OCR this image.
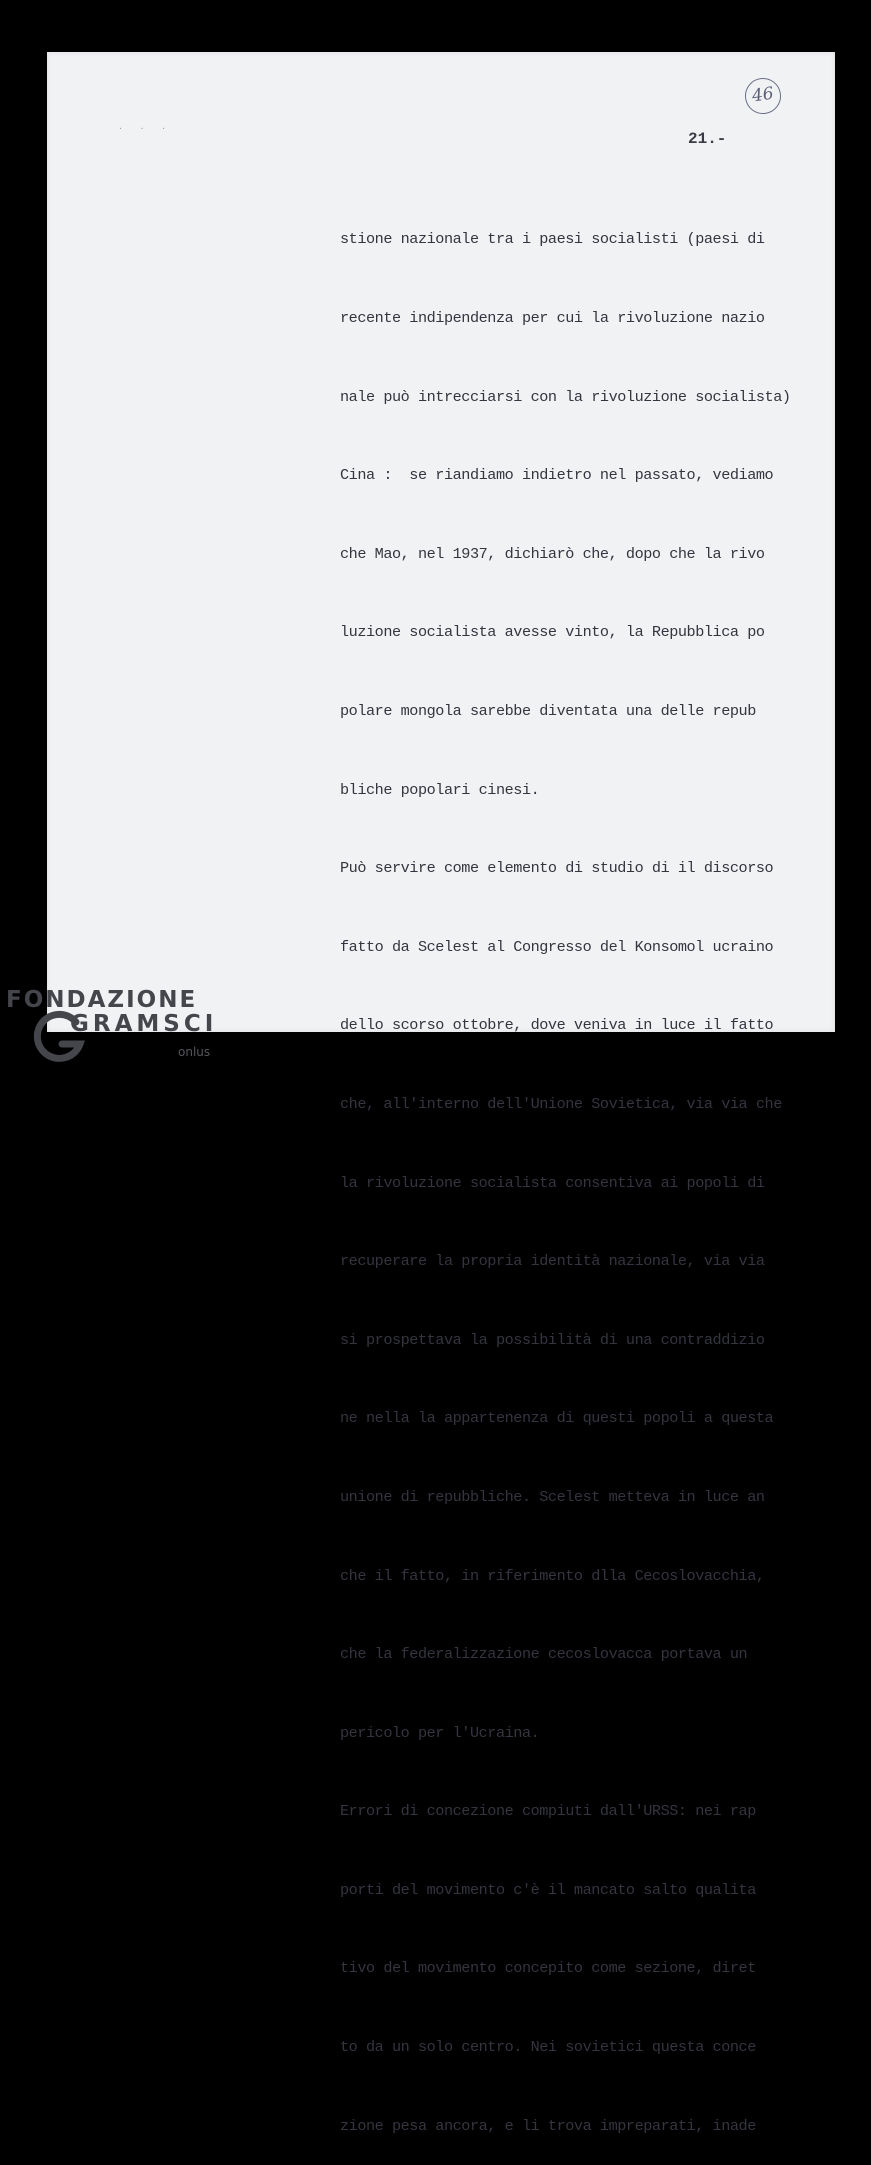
· · ·
46
21.-

stione nazionale tra i paesi socialisti (paesi di

recente indipendenza per cui la rivoluzione nazio

nale può intrecciarsi con la rivoluzione socialista)

Cina :  se riandiamo indietro nel passato, vediamo

che Mao, nel 1937, dichiarò che, dopo che la rivo

luzione socialista avesse vinto, la Repubblica po

polare mongola sarebbe diventata una delle repub

bliche popolari cinesi.

Può servire come elemento di studio di il discorso

fatto da Scelest al Congresso del Konsomol ucraino

dello scorso ottobre, dove veniva in luce il fatto

che, all'interno dell'Unione Sovietica, via via che

la rivoluzione socialista consentiva ai popoli di

recuperare la propria identità nazionale, via via

si prospettava la possibilità di una contraddizio

ne nella la appartenenza di questi popoli a questa

unione di repubbliche. Scelest metteva in luce an

che il fatto, in riferimento dlla Cecoslovacchia,

che la federalizzazione cecoslovacca portava un

pericolo per l'Ucraina.

Errori di concezione compiuti dall'URSS: nei rap

porti del movimento c'è il mancato salto qualita

tivo del movimento concepito come sezione, diret

to da un solo centro. Nei sovietici questa conce

zione pesa ancora, e li trova impreparati, inade

FONDAZIONE
GRAMSCI
onlus
